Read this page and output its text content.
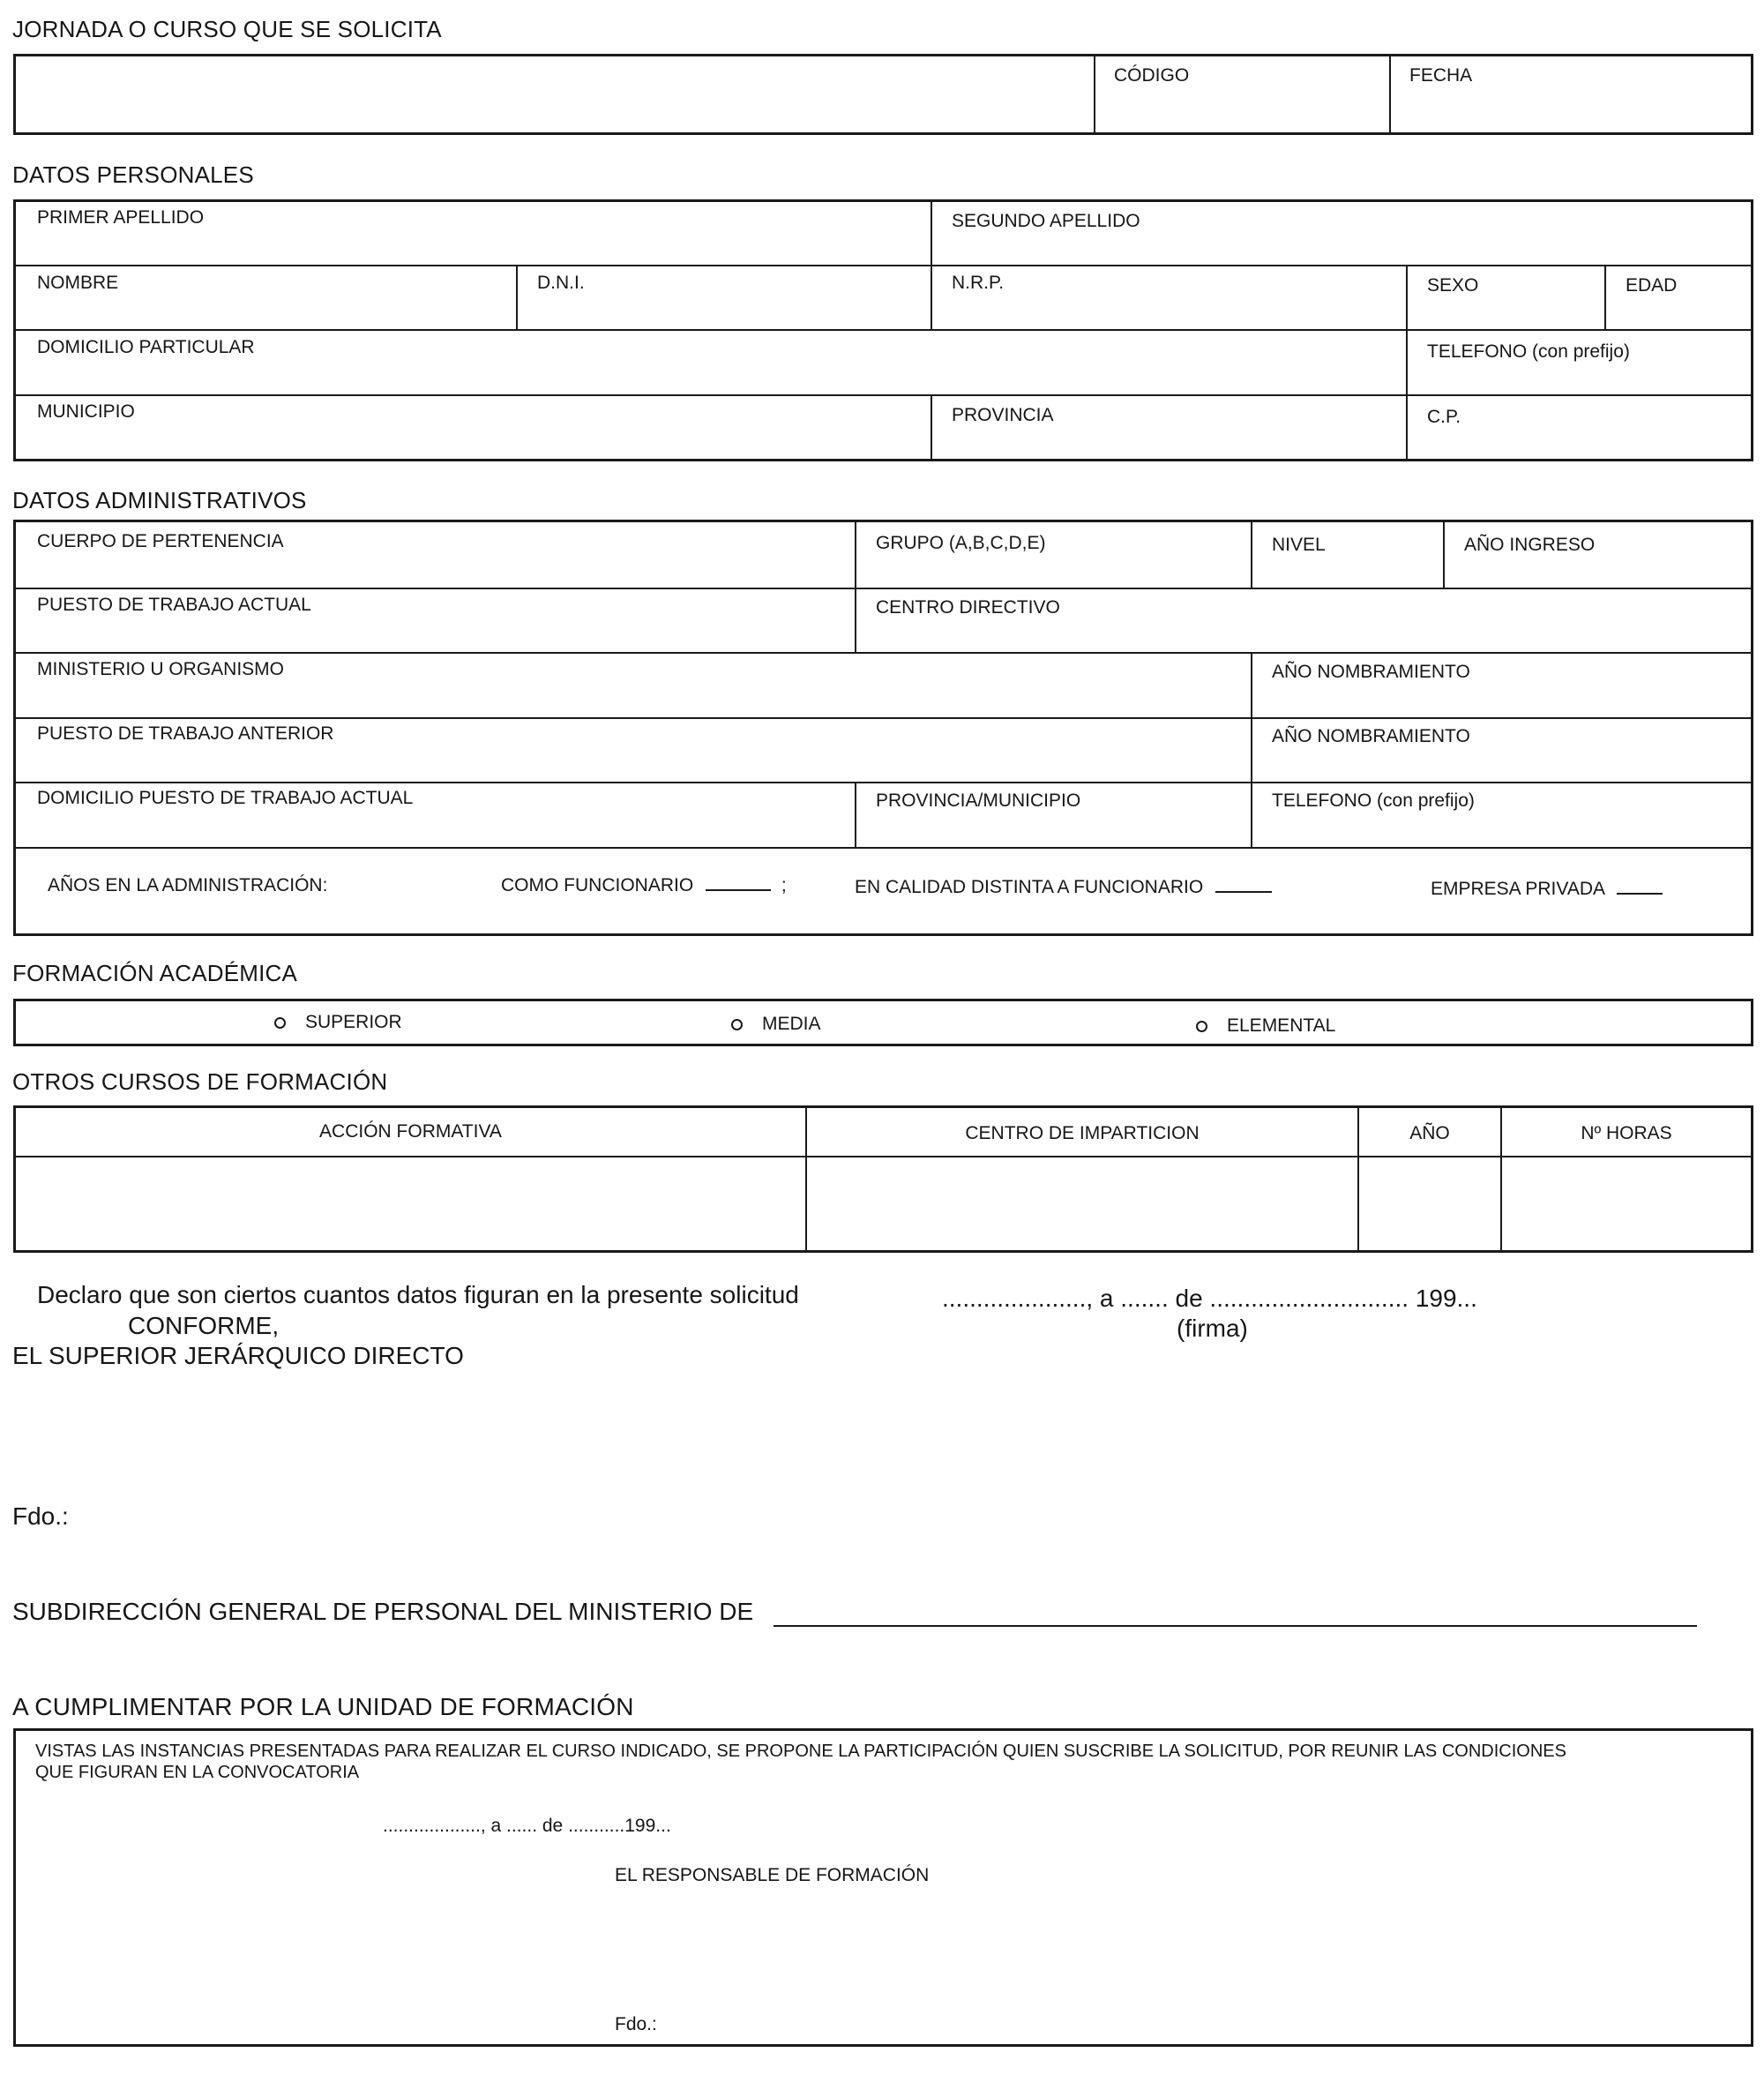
JORNADA O CURSO QUE SE SOLICITA
CÓDIGO	FECHA
DATOS PERSONALES
PRIMER APELLIDO	SEGUNDO APELLIDO
NOMBRE	D.N.I.	N.R.P.	SEXO	EDAD
DOMICILIO PARTICULAR	TELEFONO (con prefijo)
MUNICIPIO	PROVINCIA	C.P.
DATOS ADMINISTRATIVOS
CUERPO DE PERTENENCIA	GRUPO (A,B,C,D,E)	NIVEL	AÑO INGRESO
PUESTO DE TRABAJO ACTUAL	CENTRO DIRECTIVO
MINISTERIO U ORGANISMO	AÑO NOMBRAMIENTO
PUESTO DE TRABAJO ANTERIOR	AÑO NOMBRAMIENTO
DOMICILIO PUESTO DE TRABAJO ACTUAL	PROVINCIA/MUNICIPIO	TELEFONO (con prefijo)
AÑOS EN LA ADMINISTRACIÓN:	COMO FUNCIONARIO	;	EN CALIDAD DISTINTA A FUNCIONARIO	EMPRESA PRIVADA
FORMACIÓN ACADÉMICA
SUPERIOR	MEDIA	ELEMENTAL
OTROS CURSOS DE FORMACIÓN
ACCIÓN FORMATIVA	CENTRO DE IMPARTICION	AÑO	Nº HORAS
Declaro que son ciertos cuantos datos figuran en la presente solicitud	....................., a ....... de ............................. 199...
CONFORME,	(firma)
EL SUPERIOR JERÁRQUICO DIRECTO
Fdo.:
SUBDIRECCIÓN GENERAL DE PERSONAL DEL MINISTERIO DE
A CUMPLIMENTAR POR LA UNIDAD DE FORMACIÓN
VISTAS LAS INSTANCIAS PRESENTADAS PARA REALIZAR EL CURSO INDICADO, SE PROPONE LA PARTICIPACIÓN QUIEN SUSCRIBE LA SOLICITUD, POR REUNIR LAS CONDICIONES
QUE FIGURAN EN LA CONVOCATORIA
..................., a ...... de ...........199...
EL RESPONSABLE DE FORMACIÓN
Fdo.:
